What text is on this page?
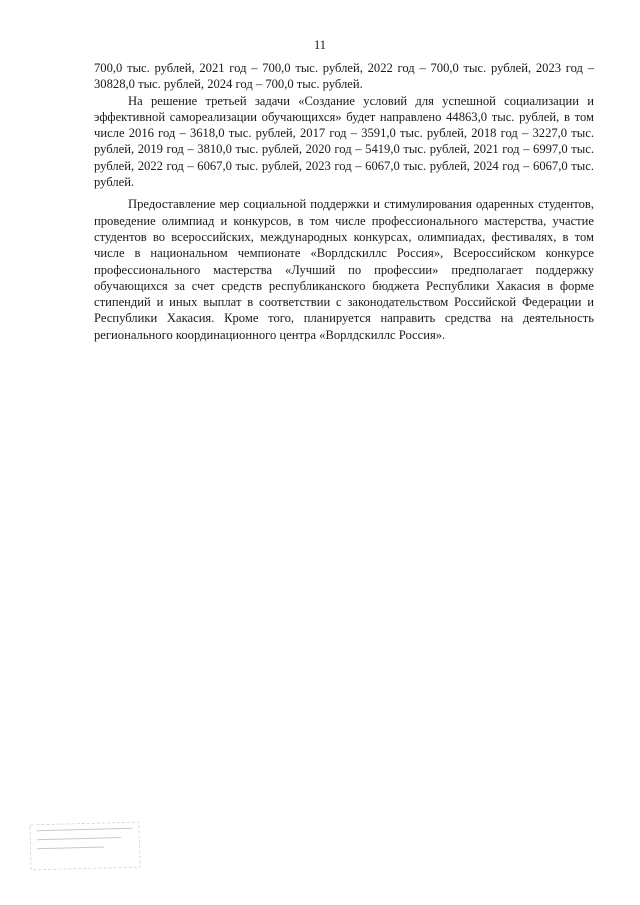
11

700,0 тыс. рублей, 2021 год – 700,0 тыс. рублей, 2022 год – 700,0 тыс. рублей, 2023 год – 30828,0 тыс. рублей, 2024 год – 700,0 тыс. рублей.

На решение третьей задачи «Создание условий для успешной социализации и эффективной самореализации обучающихся» будет направлено 44863,0 тыс. рублей, в том числе 2016 год – 3618,0 тыс. рублей, 2017 год – 3591,0 тыс. рублей, 2018 год – 3227,0 тыс. рублей, 2019 год – 3810,0 тыс. рублей, 2020 год – 5419,0 тыс. рублей, 2021 год – 6997,0 тыс. рублей, 2022 год – 6067,0 тыс. рублей, 2023 год – 6067,0 тыс. рублей, 2024 год – 6067,0 тыс. рублей.

Предоставление мер социальной поддержки и стимулирования одаренных студентов, проведение олимпиад и конкурсов, в том числе профессионального мастерства, участие студентов во всероссийских, международных конкурсах, олимпиадах, фестивалях, в том числе в национальном чемпионате «Ворлдскиллс Россия», Всероссийском конкурсе профессионального мастерства «Лучший по профессии» предполагает поддержку обучающихся за счет средств республиканского бюджета Республики Хакасия в форме стипендий и иных выплат в соответствии с законодательством Российской Федерации и Республики Хакасия. Кроме того, планируется направить средства на деятельность регионального координационного центра «Ворлдскиллс Россия».
